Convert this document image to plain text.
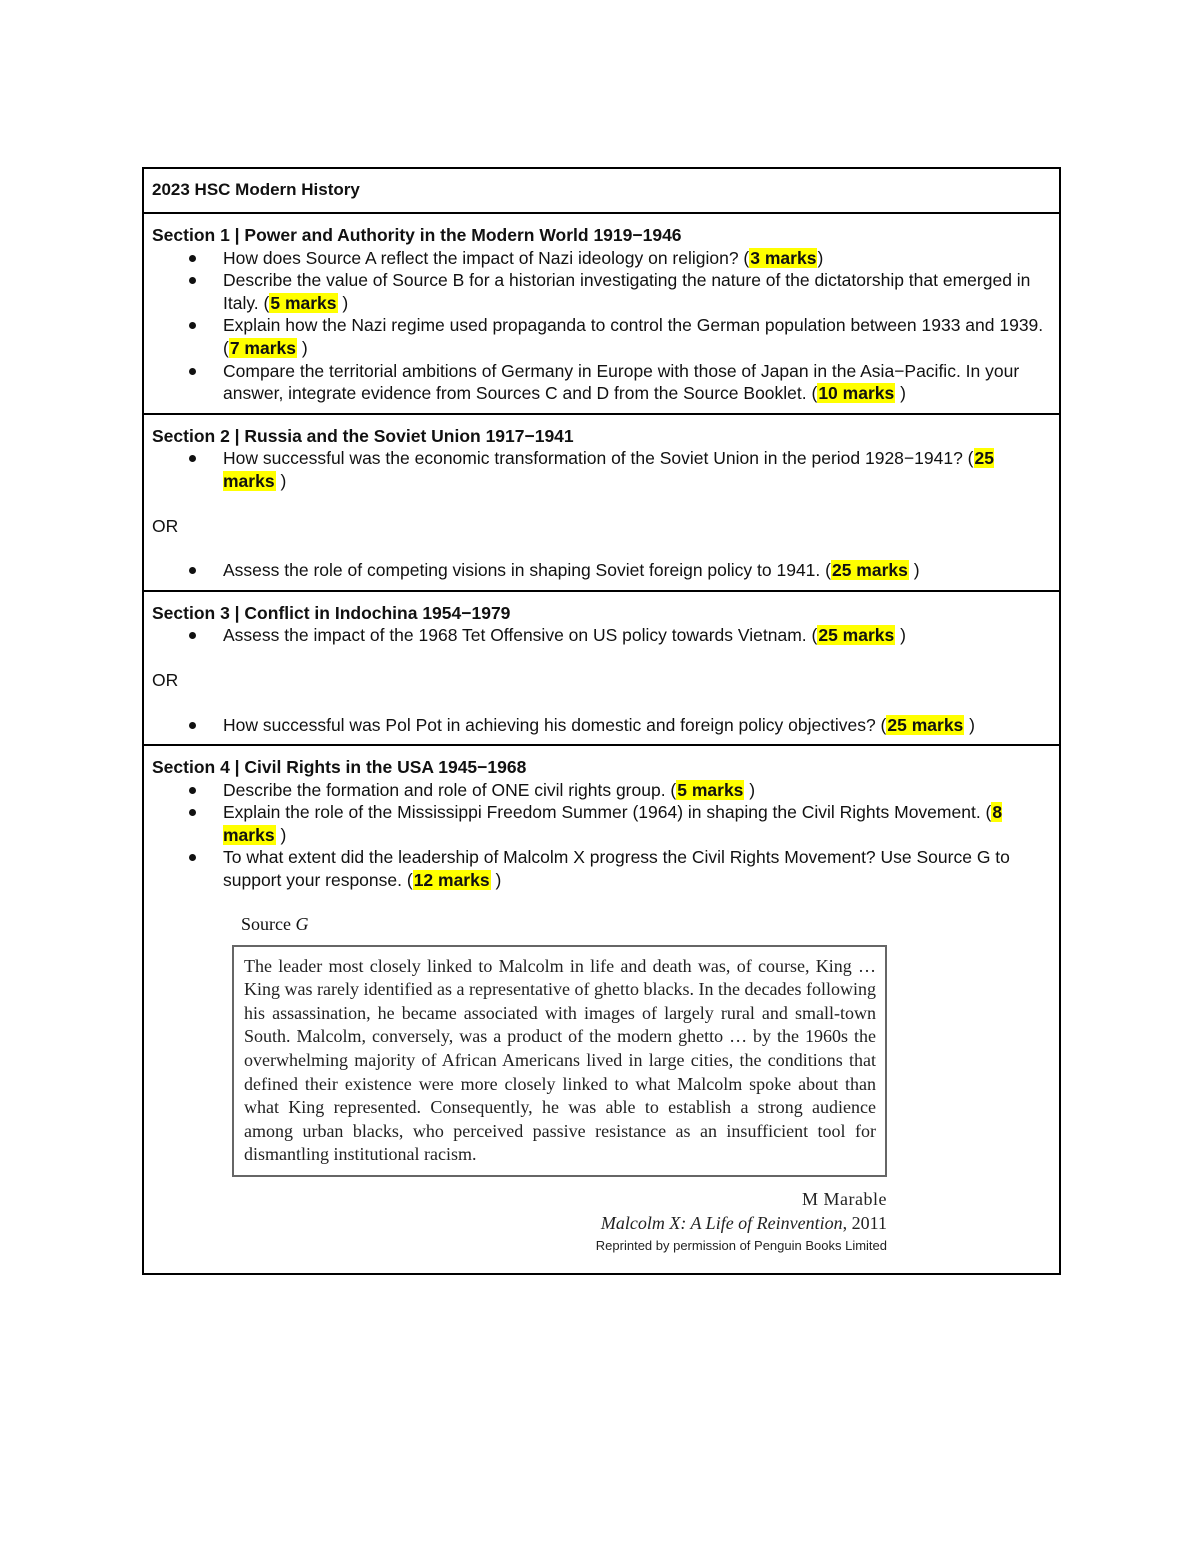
2023 HSC Modern History
Section 1 | Power and Authority in the Modern World 1919−1946
How does Source A reflect the impact of Nazi ideology on religion? (3 marks)
Describe the value of Source B for a historian investigating the nature of the dictatorship that emerged in Italy. (5 marks )
Explain how the Nazi regime used propaganda to control the German population between 1933 and 1939. (7 marks )
Compare the territorial ambitions of Germany in Europe with those of Japan in the Asia−Pacific. In your answer, integrate evidence from Sources C and D from the Source Booklet. (10 marks )
Section 2 | Russia and the Soviet Union 1917−1941
How successful was the economic transformation of the Soviet Union in the period 1928−1941? (25 marks )
OR
Assess the role of competing visions in shaping Soviet foreign policy to 1941. (25 marks )
Section 3 | Conflict in Indochina 1954−1979
Assess the impact of the 1968 Tet Offensive on US policy towards Vietnam. (25 marks )
OR
How successful was Pol Pot in achieving his domestic and foreign policy objectives? (25 marks )
Section 4 | Civil Rights in the USA 1945−1968
Describe the formation and role of ONE civil rights group. (5 marks )
Explain the role of the Mississippi Freedom Summer (1964) in shaping the Civil Rights Movement. (8 marks )
To what extent did the leadership of Malcolm X progress the Civil Rights Movement? Use Source G to support your response. (12 marks )
Source G
The leader most closely linked to Malcolm in life and death was, of course, King … King was rarely identified as a representative of ghetto blacks. In the decades following his assassination, he became associated with images of largely rural and small-town South. Malcolm, conversely, was a product of the modern ghetto … by the 1960s the overwhelming majority of African Americans lived in large cities, the conditions that defined their existence were more closely linked to what Malcolm spoke about than what King represented. Consequently, he was able to establish a strong audience among urban blacks, who perceived passive resistance as an insufficient tool for dismantling institutional racism.
M Marable
Malcolm X: A Life of Reinvention, 2011
Reprinted by permission of Penguin Books Limited
